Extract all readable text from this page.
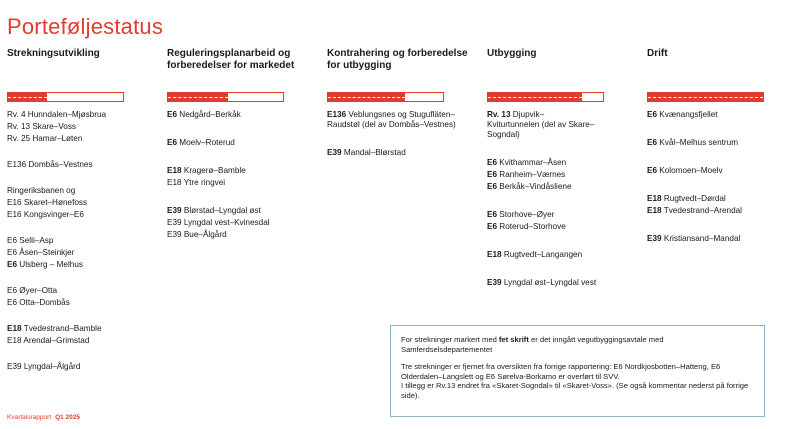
Porteføljestatus
Strekningsutvikling
Rv. 4 Hunndalen–Mjøsbrua
Rv. 13 Skare–Voss
Rv. 25 Hamar–Løten
E136 Dombås–Vestnes
Ringeriksbanen og
E16 Skaret–Hønefoss
E16 Kongsvinger–E6
E6 Selli–Asp
E6 Åsen–Steinkjer
E6 Ulsberg – Melhus
E6 Øyer–Otta
E6 Otta–Dombås
E18 Tvedestrand–Bamble
E18 Arendal–Grimstad
E39 Lyngdal–Ålgård
Reguleringsplanarbeid og forberedelser for markedet
E6 Nedgård–Berkåk
E6 Moelv–Roterud
E18 Kragerø–Bamble
E18 Ytre ringvei
E39 Blørstad–Lyngdal øst
E39 Lyngdal vest–Kvinesdal
E39 Bue–Ålgård
Kontrahering og forberedelse for utbygging
E136 Veblungsnes og Stugufläten–
Raudstøl (del av Dombås–Vestnes)
E39 Mandal–Blørstad
Utbygging
Rv. 13 Djupvik–
Kviturtunnelen (del av Skare–
Sogndal)
E6 Kvithammar–Åsen
E6 Ranheim–Værnes
E6 Berkåk–Vindåsliene
E6 Storhove–Øyer
E6 Roterud–Storhove
E18 Rugtvedt–Langangen
E39 Lyngdal øst–Lyngdal vest
Drift
E6 Kvænangsfjellet
E6 Kvål–Melhus sentrum
E6 Kolomoen–Moelv
E18 Rugtvedt–Dørdal
E18 Tvedestrand–Arendal
E39 Kristiansand–Mandal

For strekninger markert med fet skrift er det inngått vegutbyggingsavtale med Samferdselsdepartementet

Tre strekninger er fjernet fra oversikten fra forrige rapportering: E6 Nordkjosbotten–Hatteng, E6 Olderdalen–Langslett og E6 Sørelva-Borkamo er overført til SVV.

I tillegg er Rv.13 endret fra «Skaret-Sogndal» til «Skaret-Voss». (Se også kommentar nederst på forrige side).

Kvartalsrapport Q1 2025
